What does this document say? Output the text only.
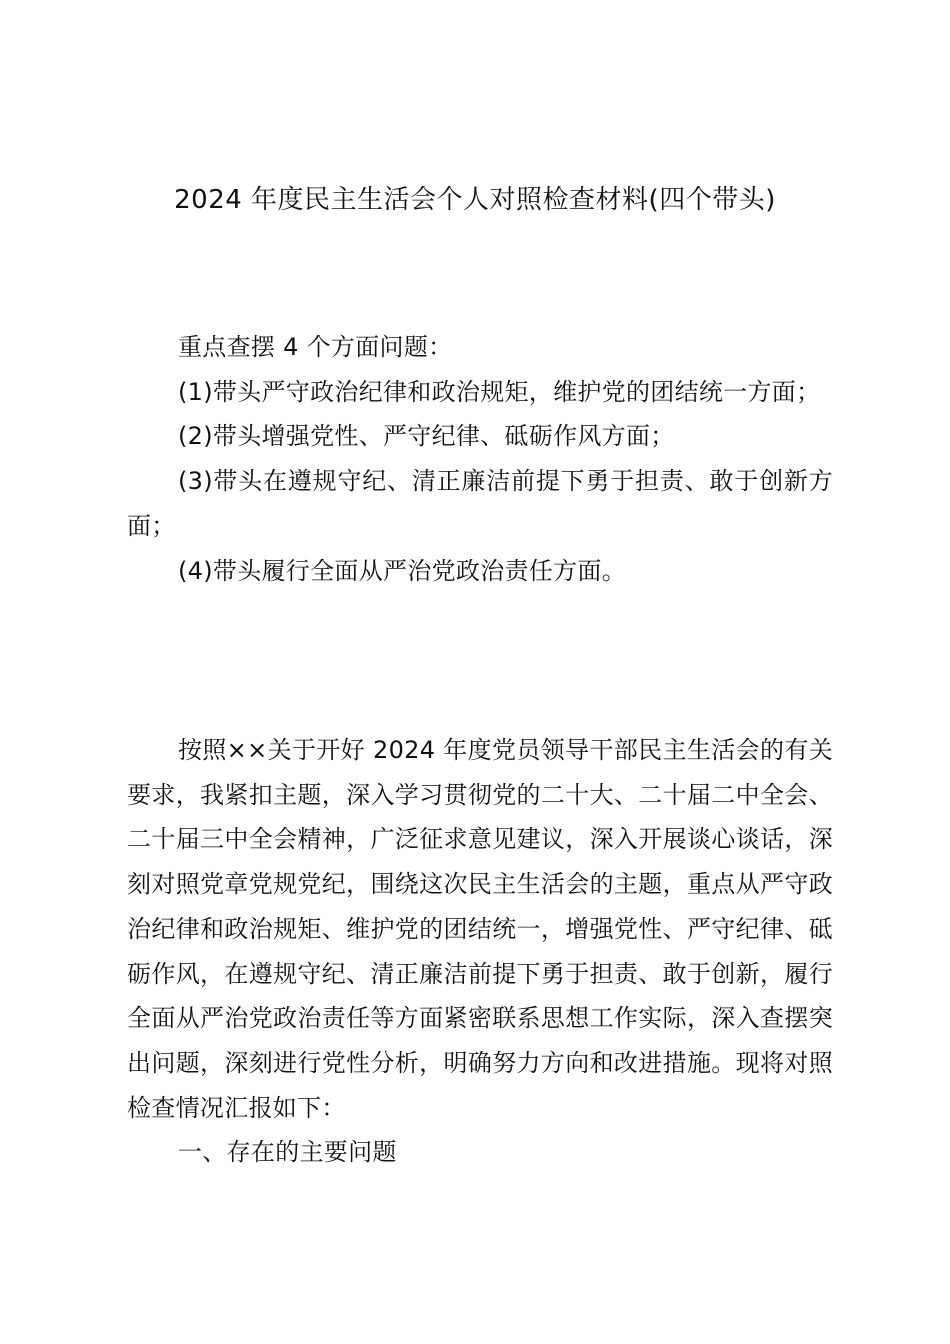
2024 年度民主生活会个人对照检查材料(四个带头)

重点查摆 4 个方面问题：

(1)带头严守政治纪律和政治规矩，维护党的团结统一方面；

(2)带头增强党性、严守纪律、砥砺作风方面；

(3)带头在遵规守纪、清正廉洁前提下勇于担责、敢于创新方面；

(4)带头履行全面从严治党政治责任方面。

按照××关于开好 2024 年度党员领导干部民主生活会的有关要求，我紧扣主题，深入学习贯彻党的二十大、二十届二中全会、二十届三中全会精神，广泛征求意见建议，深入开展谈心谈话，深刻对照党章党规党纪，围绕这次民主生活会的主题，重点从严守政治纪律和政治规矩、维护党的团结统一，增强党性、严守纪律、砥砺作风，在遵规守纪、清正廉洁前提下勇于担责、敢于创新，履行全面从严治党政治责任等方面紧密联系思想工作实际，深入查摆突出问题，深刻进行党性分析，明确努力方向和改进措施。现将对照检查情况汇报如下：

一、存在的主要问题
